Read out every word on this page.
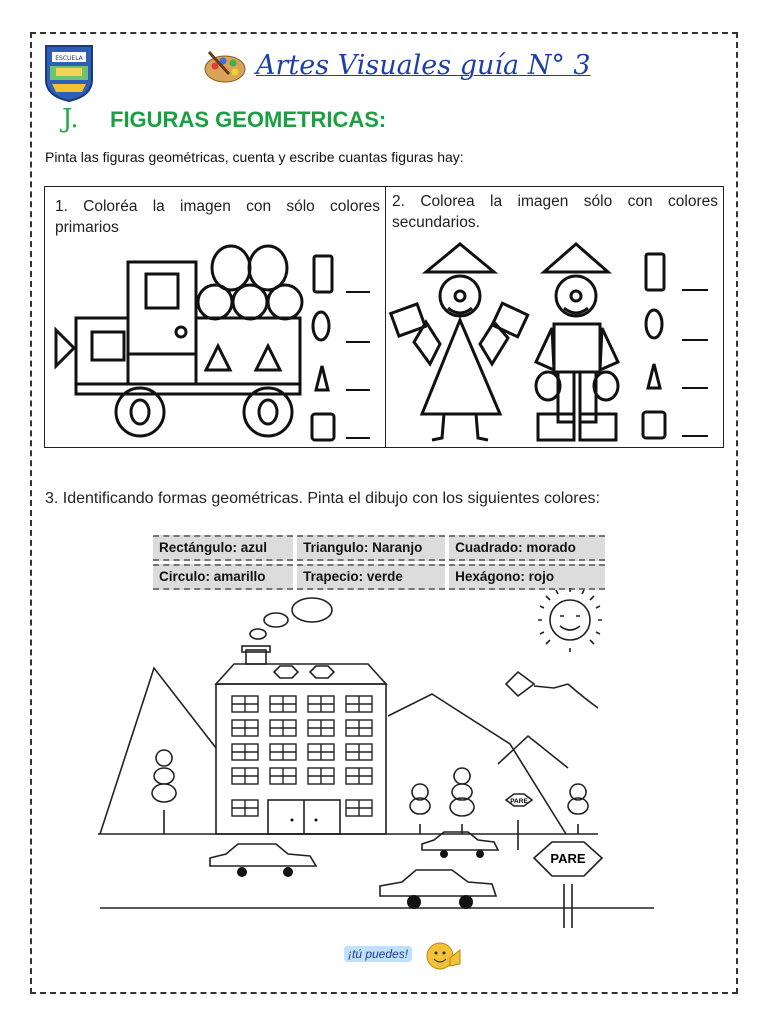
ESCUELA	Artes Visuales guía N° 3
J. FIGURAS GEOMETRICAS:
Pinta las figuras geométricas, cuenta y escribe cuantas figuras hay:
1. Coloréa la imagen con sólo colores primarios
2. Colorea la imagen sólo con colores secundarios.
3. Identificando formas geométricas. Pinta el dibujo con los siguientes colores:
Rectángulo: azul	Triangulo: Naranjo	Cuadrado: morado
Circulo: amarillo	Trapecio: verde	Hexágono: rojo
PARE
PARE
¡tú puedes!
